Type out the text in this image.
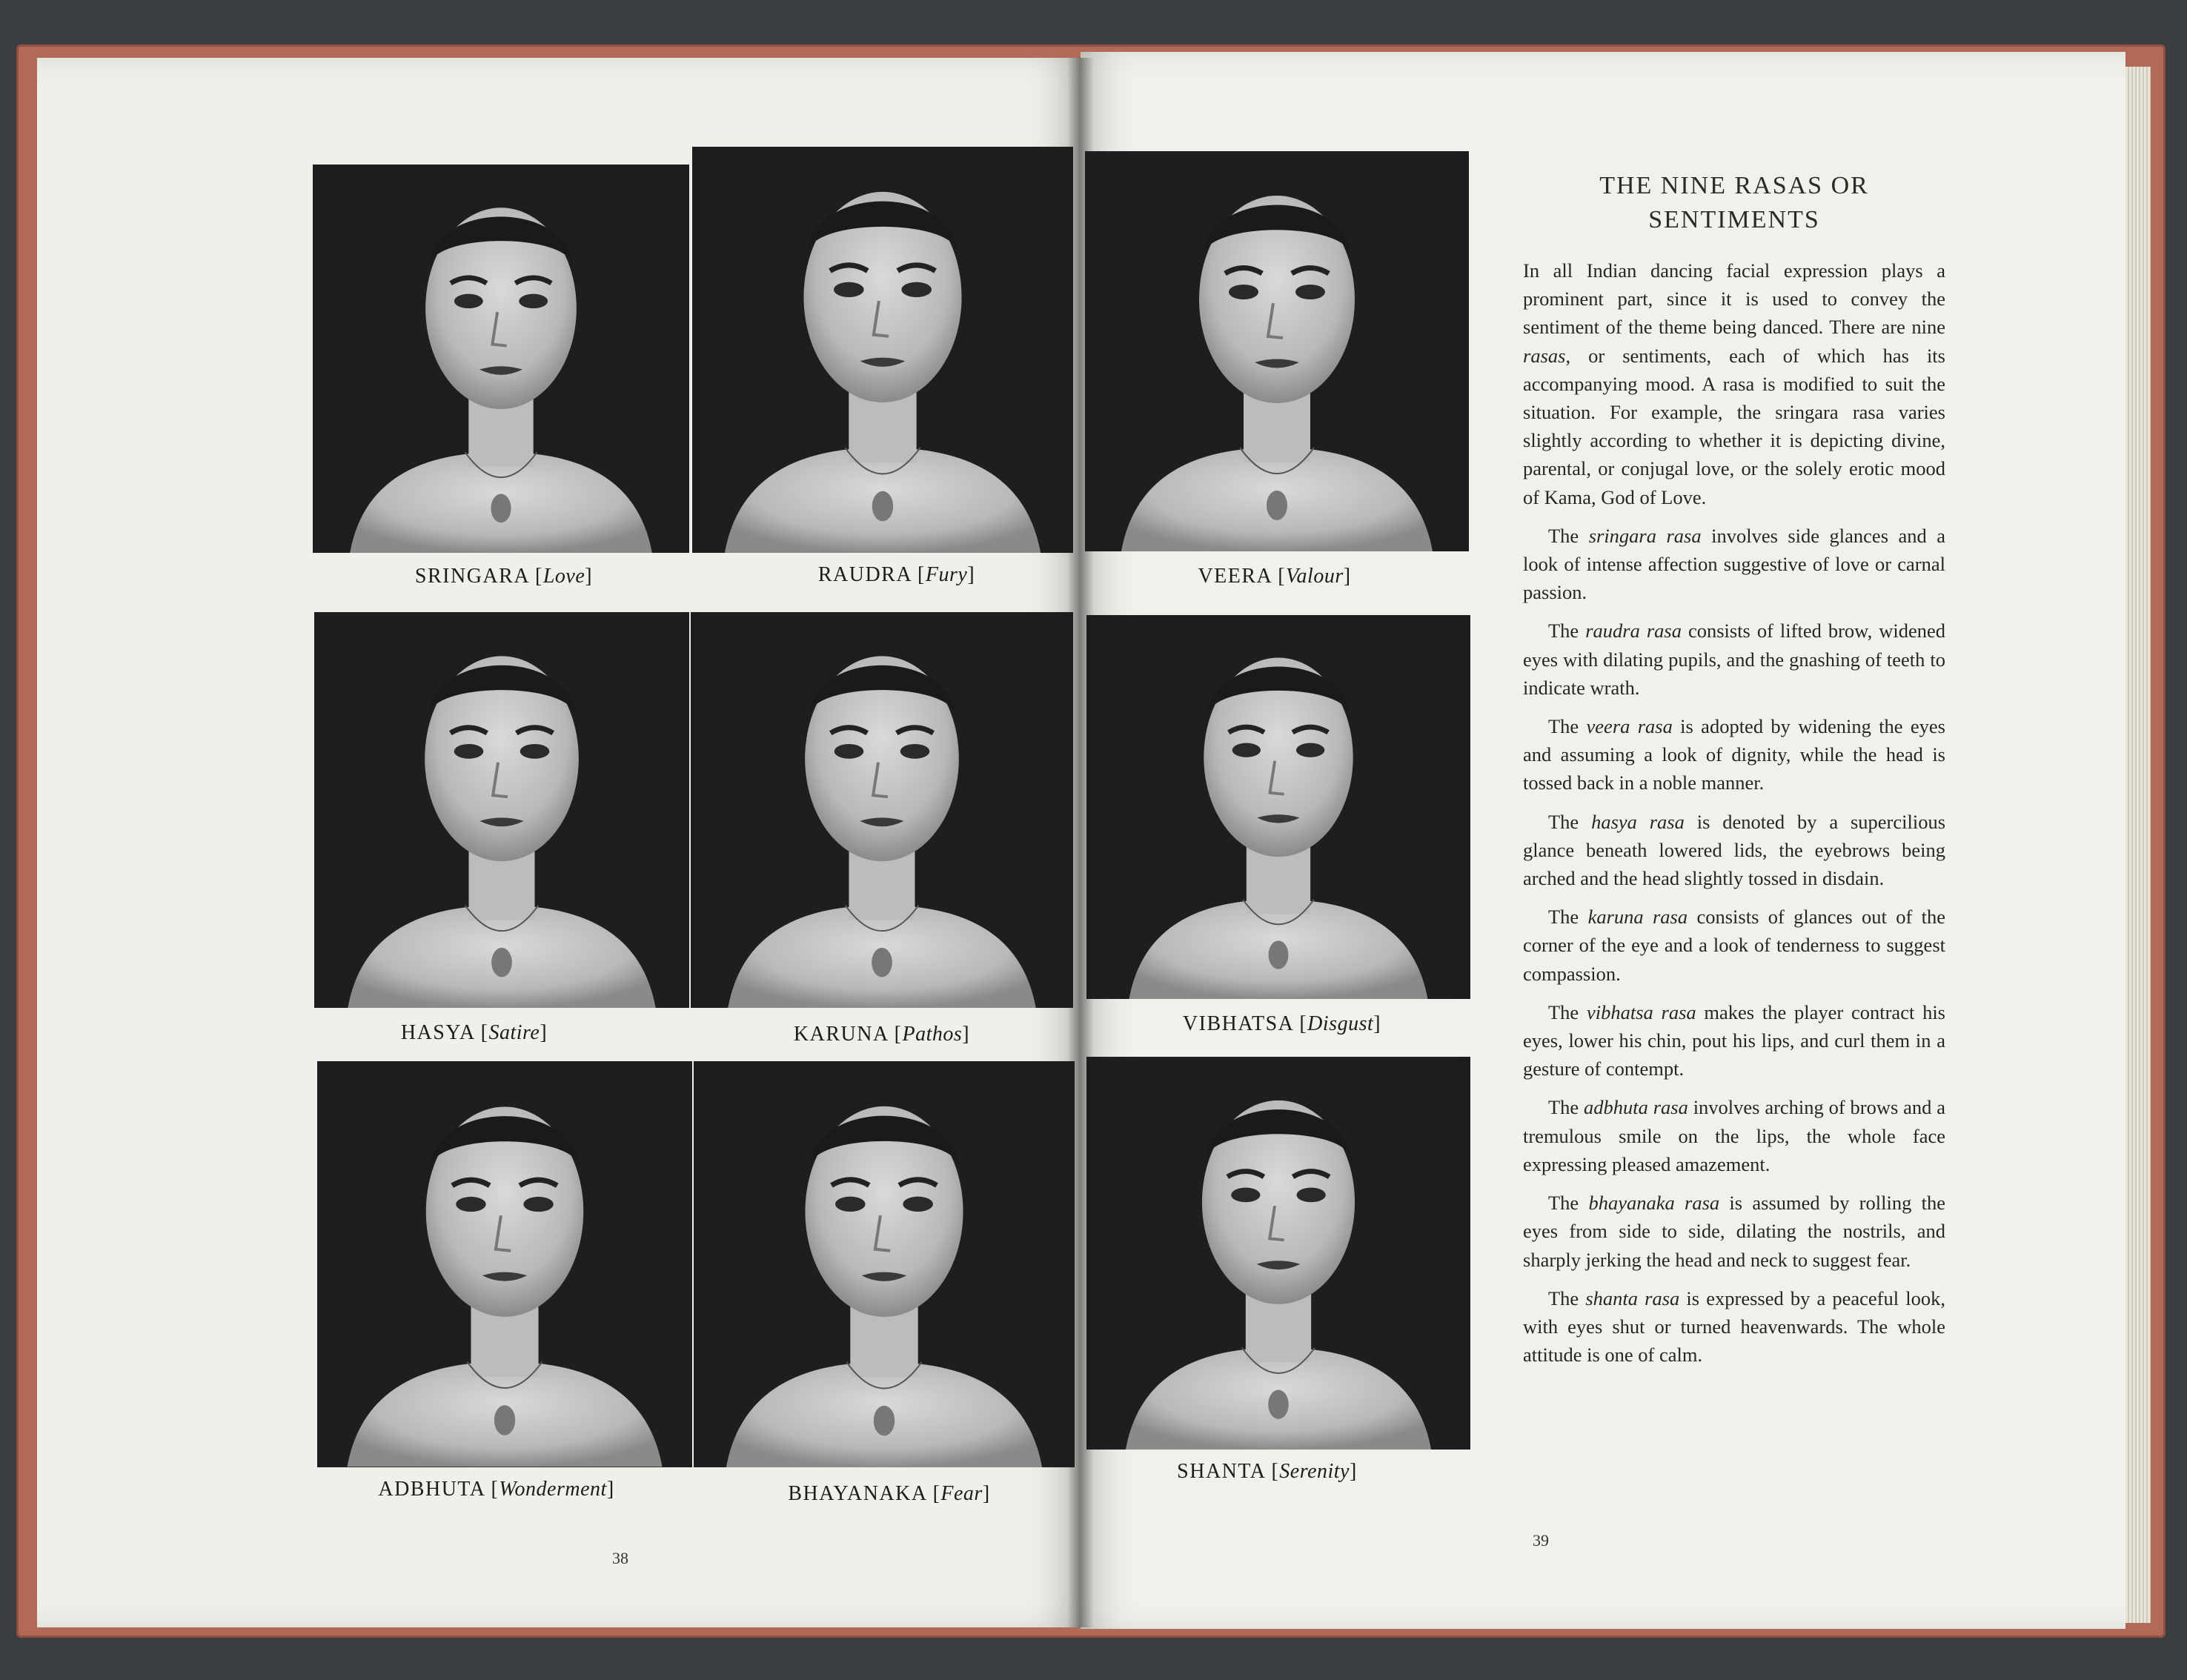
SRINGARA [Love]	RAUDRA [Fury]
HASYA [Satire]	KARUNA [Pathos]
ADBHUTA [Wonderment]	BHAYANAKA [Fear]
38
VEERA [Valour]
VIBHATSA [Disgust]
SHANTA [Serenity]
THE NINE RASAS OR
SENTIMENTS

In all Indian dancing facial expression plays a prominent part, since it is used to convey the sentiment of the theme being danced. There are nine rasas, or sentiments, each of which has its accompanying mood. A rasa is modified to suit the situation. For example, the sringara rasa varies slightly according to whether it is depicting divine, parental, or conjugal love, or the solely erotic mood of Kama, God of Love.

The sringara rasa involves side glances and a look of intense affection suggestive of love or carnal passion.

The raudra rasa consists of lifted brow, widened eyes with dilating pupils, and the gnashing of teeth to indicate wrath.

The veera rasa is adopted by widening the eyes and assuming a look of dignity, while the head is tossed back in a noble manner.

The hasya rasa is denoted by a supercilious glance beneath lowered lids, the eyebrows being arched and the head slightly tossed in disdain.

The karuna rasa consists of glances out of the corner of the eye and a look of tenderness to suggest compassion.

The vibhatsa rasa makes the player contract his eyes, lower his chin, pout his lips, and curl them in a gesture of contempt.

The adbhuta rasa involves arching of brows and a tremulous smile on the lips, the whole face expressing pleased amazement.

The bhayanaka rasa is assumed by rolling the eyes from side to side, dilating the nostrils, and sharply jerking the head and neck to suggest fear.

The shanta rasa is expressed by a peaceful look, with eyes shut or turned heavenwards. The whole attitude is one of calm.

39
